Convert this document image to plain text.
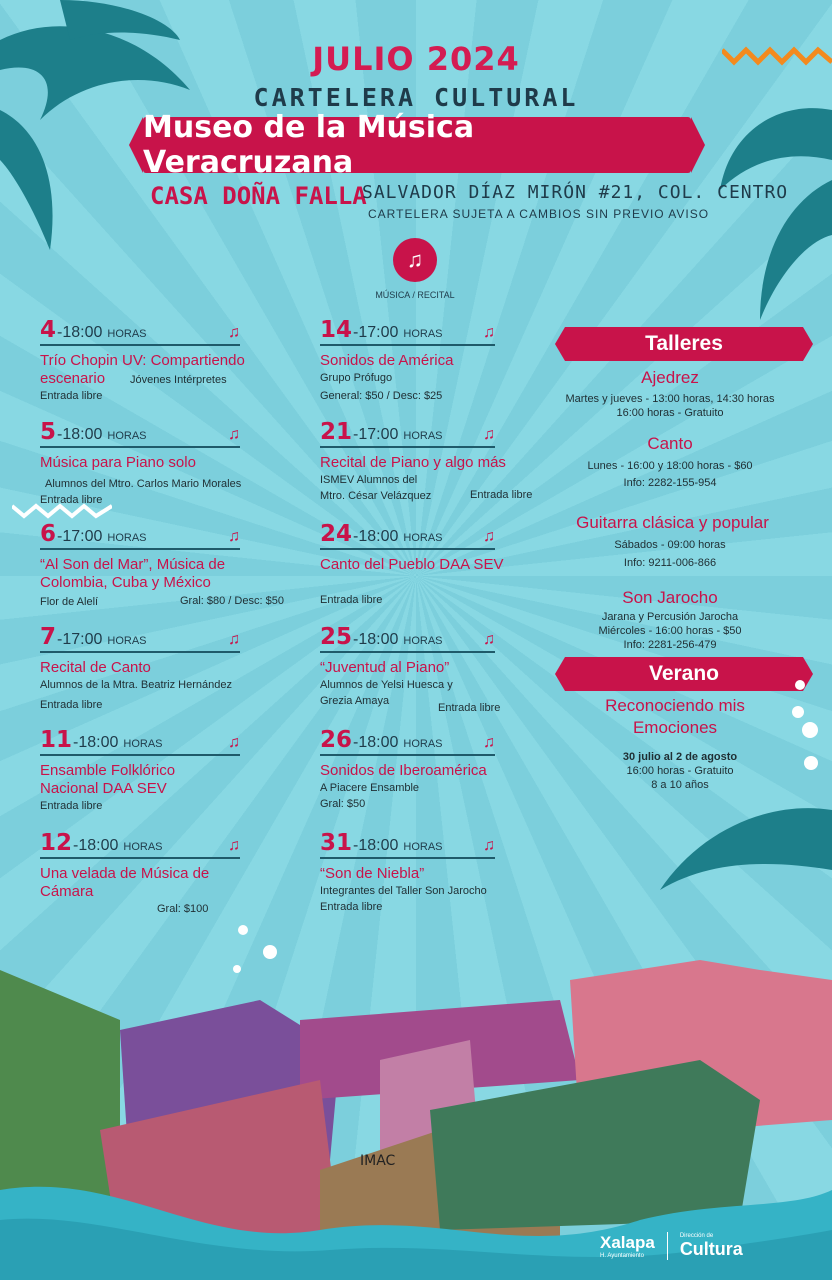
JULIO 2024
CARTELERA CULTURAL
Museo de la Música Veracruzana
CASA DOÑA FALLA
SALVADOR DÍAZ MIRÓN #21, COL. CENTRO
CARTELERA SUJETA A CAMBIOS SIN PREVIO AVISO
♫
MÚSICA / RECITAL
4 -18:00 HORAS	♫
Trío Chopin UV: Compartiendo escenario	Jóvenes Intérpretes
Entrada libre
5 -18:00 HORAS	♫
Música para Piano solo
Alumnos del Mtro. Carlos Mario Morales
Entrada libre
6 -17:00 HORAS	♫
“Al Son del Mar”, Música de Colombia, Cuba y México
Flor de Alelí	Gral: $80 / Desc: $50
7 -17:00 HORAS	♫
Recital de Canto
Alumnos de la Mtra. Beatriz Hernández
Entrada libre
11 -18:00 HORAS	♫
Ensamble Folklórico Nacional DAA SEV
Entrada libre
12 -18:00 HORAS	♫
Una velada de Música de Cámara
Gral: $100
14 -17:00 HORAS	♫
Sonidos de América
Grupo Prófugo
General: $50 / Desc: $25
21 -17:00 HORAS	♫
Recital de Piano y algo más
ISMEV Alumnos del
Mtro. César Velázquez	Entrada libre
24 -18:00 HORAS	♫
Canto del Pueblo DAA SEV
Entrada libre
25 -18:00 HORAS	♫
“Juventud al Piano”
Alumnos de Yelsi Huesca y
Grezia Amaya
Entrada libre
26 -18:00 HORAS	♫
Sonidos de Iberoamérica
A Piacere Ensamble
Gral: $50
31 -18:00 HORAS	♫
“Son de Niebla”
Integrantes del Taller Son Jarocho
Entrada libre
Talleres
Ajedrez
Martes y jueves - 13:00 horas, 14:30 horas
16:00 horas - Gratuito
Canto
Lunes - 16:00 y 18:00 horas - $60
Info: 2282-155-954
Guitarra clásica y popular
Sábados - 09:00 horas
Info: 9211-006-866
Son Jarocho
Jarana y Percusión Jarocha
Miércoles - 16:00 horas - $50
Info: 2281-256-479
Verano
Reconociendo mis Emociones
30 julio al 2 de agosto
16:00 horas - Gratuito
8 a 10 años
IMAC
Xalapa
H. Ayuntamiento
Dirección de
Cultura
